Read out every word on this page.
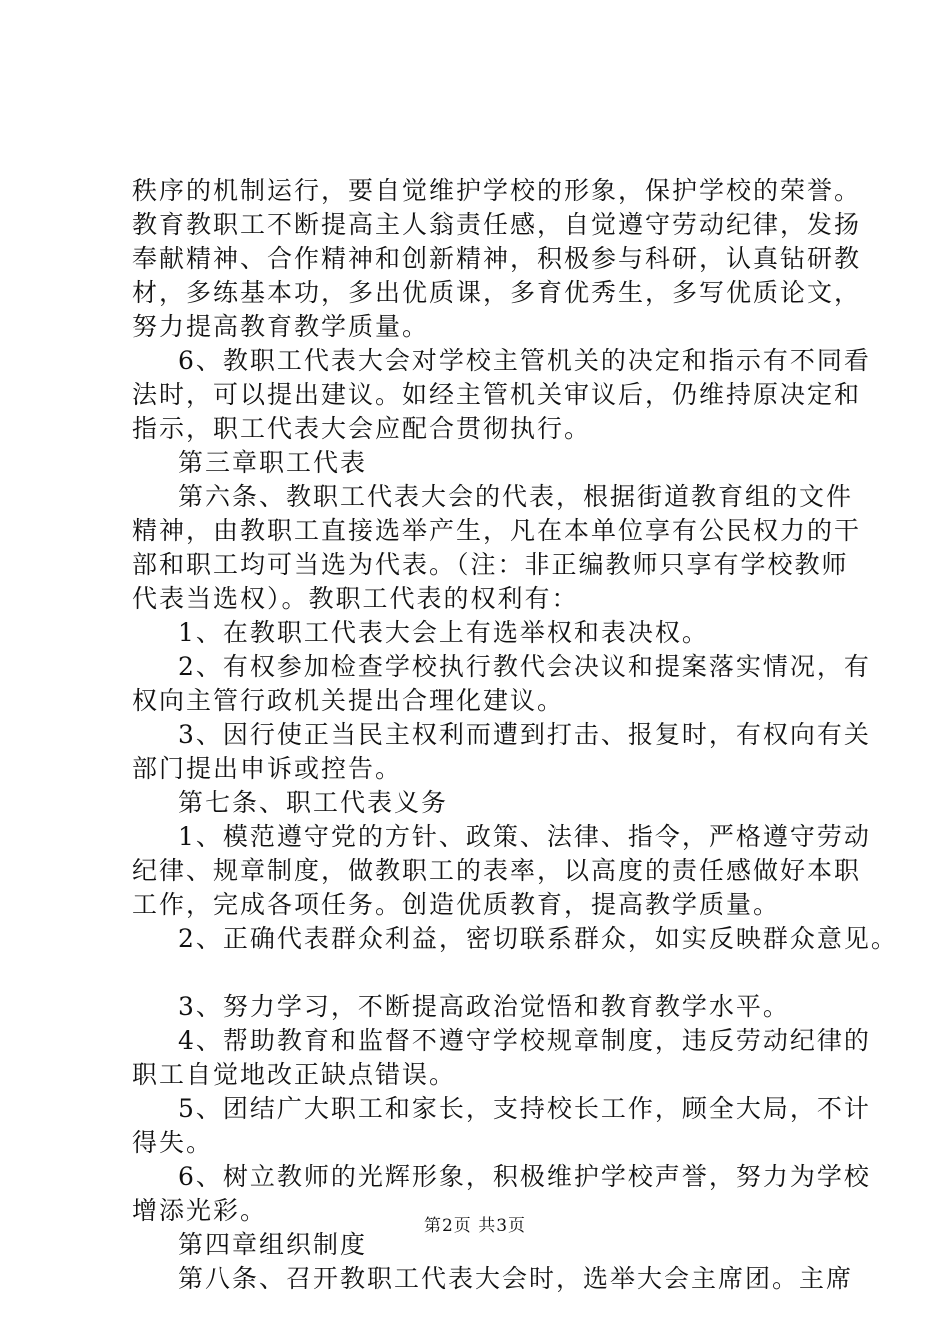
秩序的机制运行，要自觉维护学校的形象，保护学校的荣誉。
教育教职工不断提高主人翁责任感，自觉遵守劳动纪律，发扬
奉献精神、合作精神和创新精神，积极参与科研，认真钻研教
材，多练基本功，多出优质课，多育优秀生，多写优质论文，
努力提高教育教学质量。
6、教职工代表大会对学校主管机关的决定和指示有不同看
法时，可以提出建议。如经主管机关审议后，仍维持原决定和
指示，职工代表大会应配合贯彻执行。
第三章职工代表
第六条、教职工代表大会的代表，根据街道教育组的文件
精神，由教职工直接选举产生，凡在本单位享有公民权力的干
部和职工均可当选为代表。（注：非正编教师只享有学校教师
代表当选权）。教职工代表的权利有：
1、在教职工代表大会上有选举权和表决权。
2、有权参加检查学校执行教代会决议和提案落实情况，有
权向主管行政机关提出合理化建议。
3、因行使正当民主权利而遭到打击、报复时，有权向有关
部门提出申诉或控告。
第七条、职工代表义务
1、模范遵守党的方针、政策、法律、指令，严格遵守劳动
纪律、规章制度，做教职工的表率，以高度的责任感做好本职
工作，完成各项任务。创造优质教育，提高教学质量。
2、正确代表群众利益，密切联系群众，如实反映群众意见。
3、努力学习，不断提高政治觉悟和教育教学水平。
4、帮助教育和监督不遵守学校规章制度，违反劳动纪律的
职工自觉地改正缺点错误。
5、团结广大职工和家长，支持校长工作，顾全大局，不计
得失。
6、树立教师的光辉形象，积极维护学校声誉，努力为学校
增添光彩。
第四章组织制度
第八条、召开教职工代表大会时，选举大会主席团。主席
第2页 共3页
